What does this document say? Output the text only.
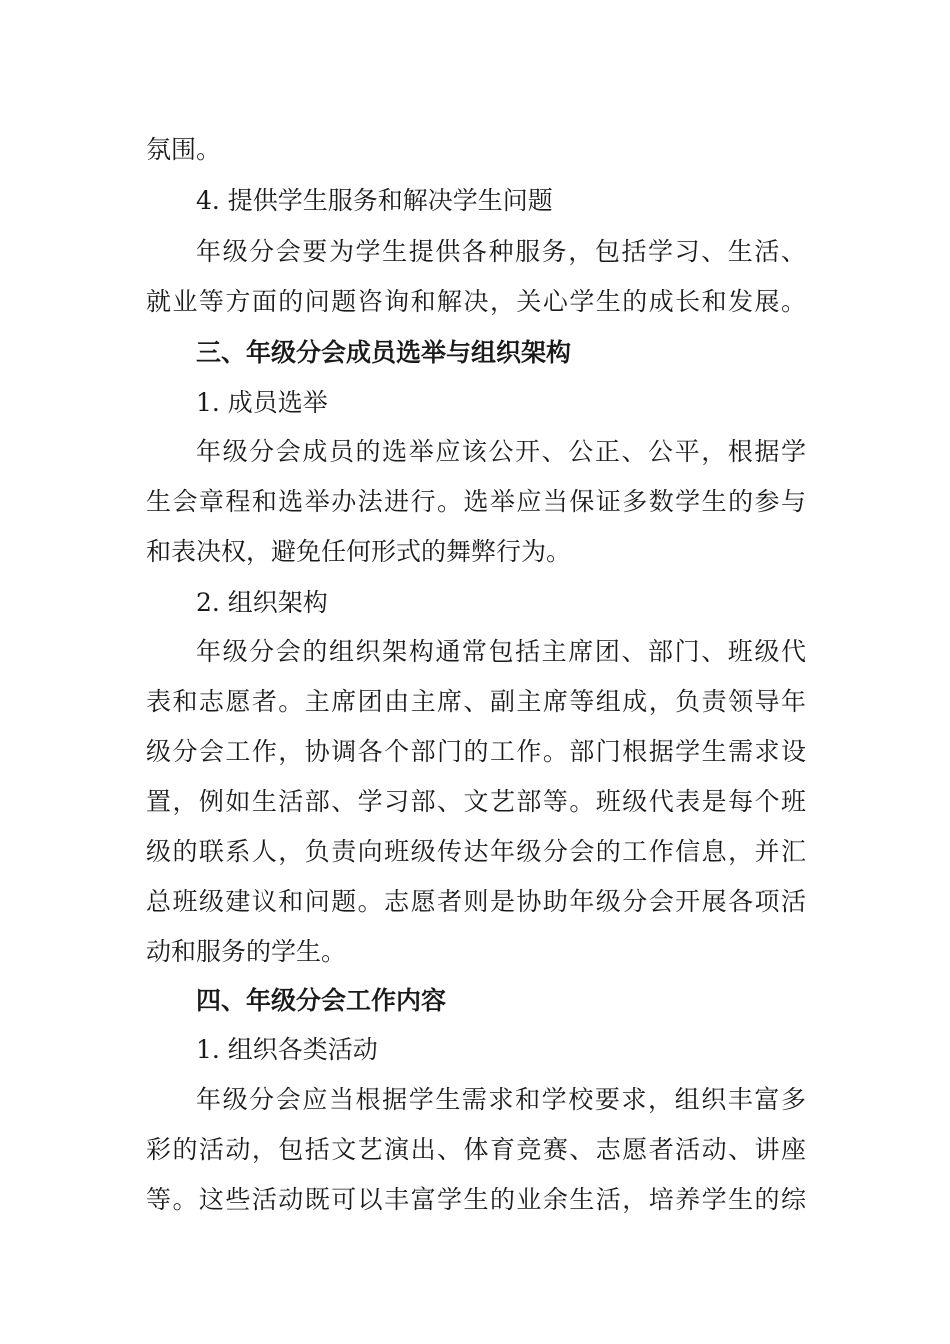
氛围。
4. 提供学生服务和解决学生问题
年级分会要为学生提供各种服务，包括学习、生活、
就业等方面的问题咨询和解决，关心学生的成长和发展。
三、年级分会成员选举与组织架构
1. 成员选举
年级分会成员的选举应该公开、公正、公平，根据学
生会章程和选举办法进行。选举应当保证多数学生的参与
和表决权，避免任何形式的舞弊行为。
2. 组织架构
年级分会的组织架构通常包括主席团、部门、班级代
表和志愿者。主席团由主席、副主席等组成，负责领导年
级分会工作，协调各个部门的工作。部门根据学生需求设
置，例如生活部、学习部、文艺部等。班级代表是每个班
级的联系人，负责向班级传达年级分会的工作信息，并汇
总班级建议和问题。志愿者则是协助年级分会开展各项活
动和服务的学生。
四、年级分会工作内容
1. 组织各类活动
年级分会应当根据学生需求和学校要求，组织丰富多
彩的活动，包括文艺演出、体育竞赛、志愿者活动、讲座
等。这些活动既可以丰富学生的业余生活，培养学生的综
